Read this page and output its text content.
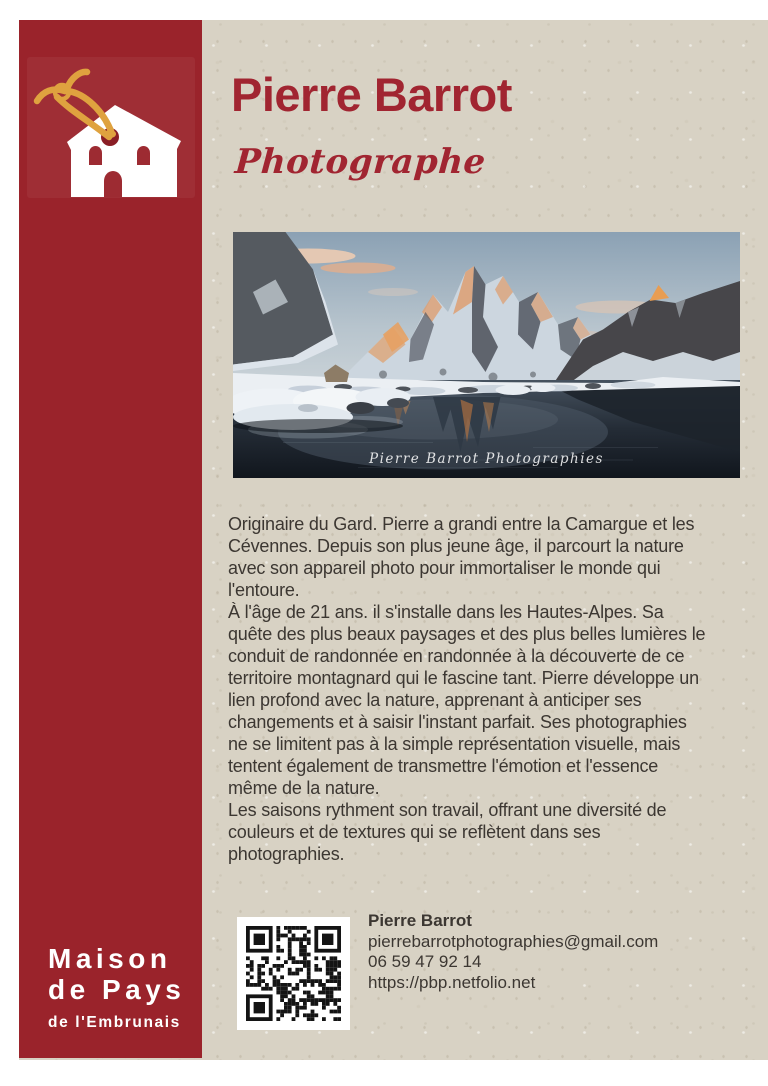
Maison
de Pays
de l'Embrunais
Pierre Barrot
Photographe
Pierre Barrot Photographies

Originaire du Gard. Pierre a grandi entre la Camargue et les Cévennes. Depuis son plus jeune âge, il parcourt la nature avec son appareil photo pour immortaliser le monde qui l'entoure.

À l'âge de 21 ans. il s'installe dans les Hautes-Alpes. Sa quête des plus beaux paysages et des plus belles lumières le conduit de randonnée en randonnée à la découverte de ce territoire montagnard qui le fascine tant. Pierre développe un lien profond avec la nature, apprenant à anticiper ses changements et à saisir l'instant parfait. Ses photographies ne se limitent pas à la simple représentation visuelle, mais tentent également de transmettre l'émotion et l'essence même de la nature.

Les saisons rythment son travail, offrant une diversité de couleurs et de textures qui se reflètent dans ses photographies.

Pierre Barrot
pierrebarrotphotographies@gmail.com
06 59 47 92 14
https://pbp.netfolio.net
